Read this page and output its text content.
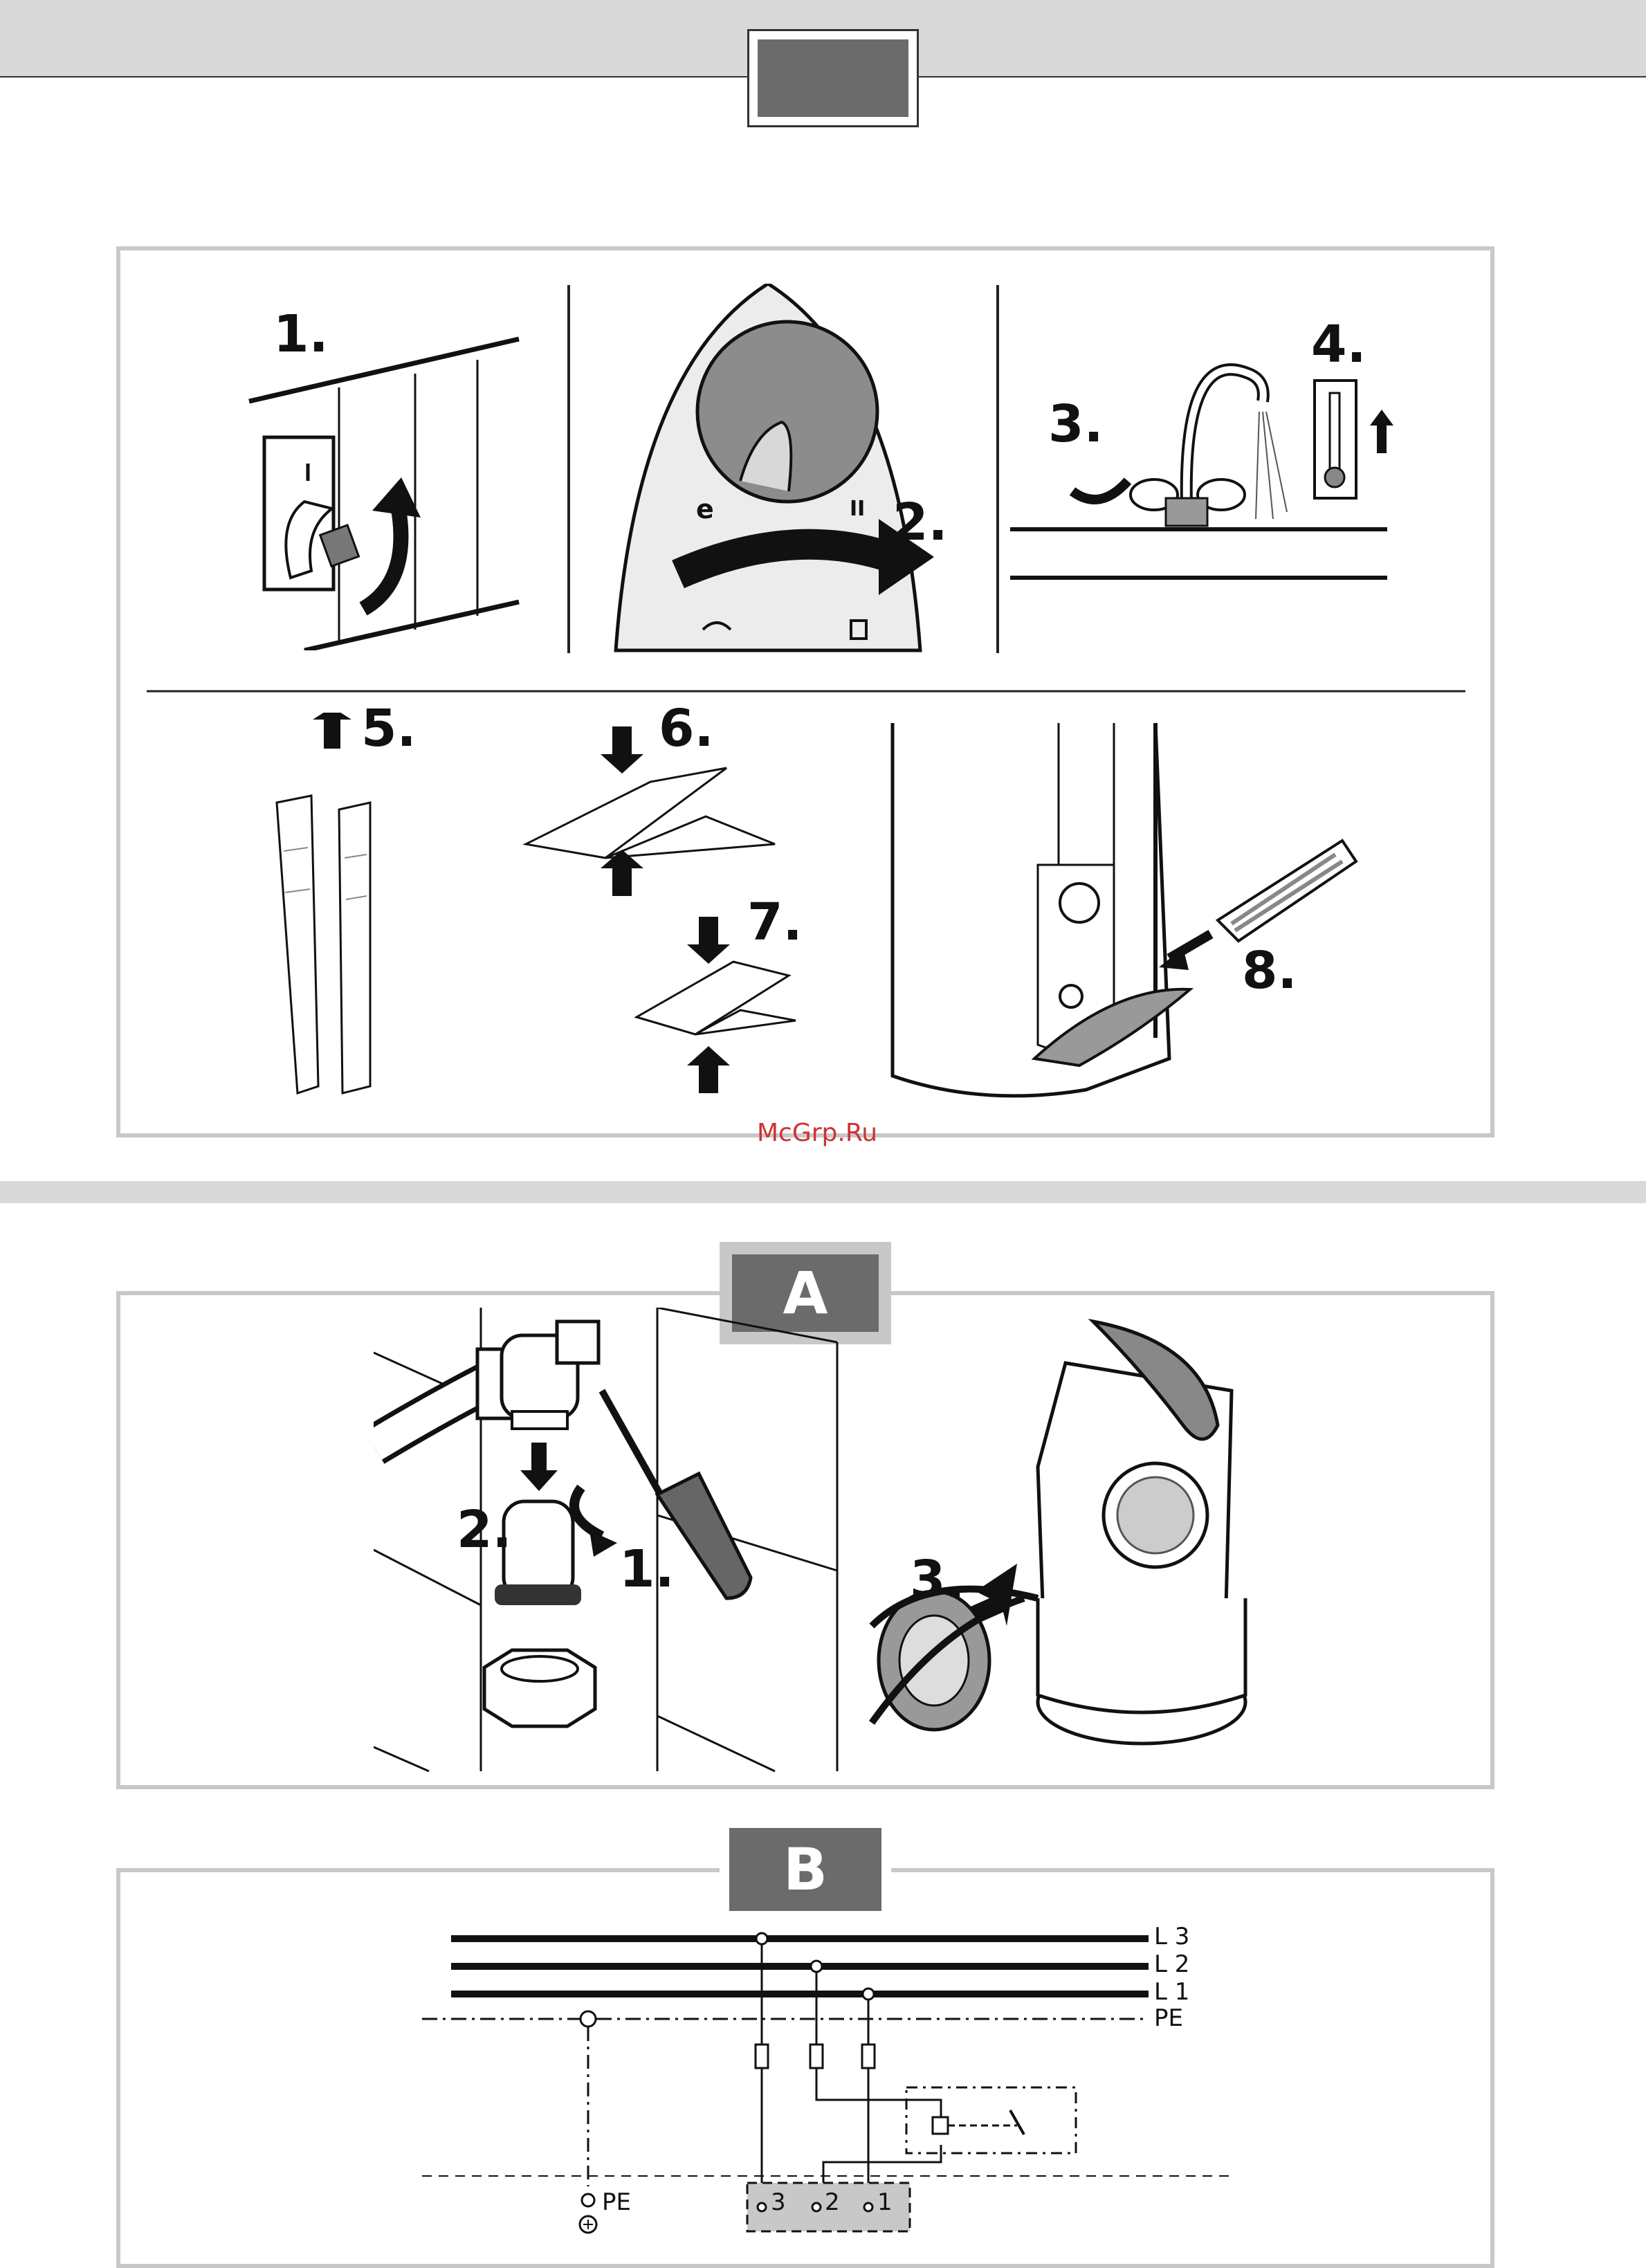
1.
e	II 2.
3.
4.
5.	6.
7.
8.
McGrp.Ru
A
2.
1.	3.
B
L 3
L 2
L 1
PE
PE	3 2 1
